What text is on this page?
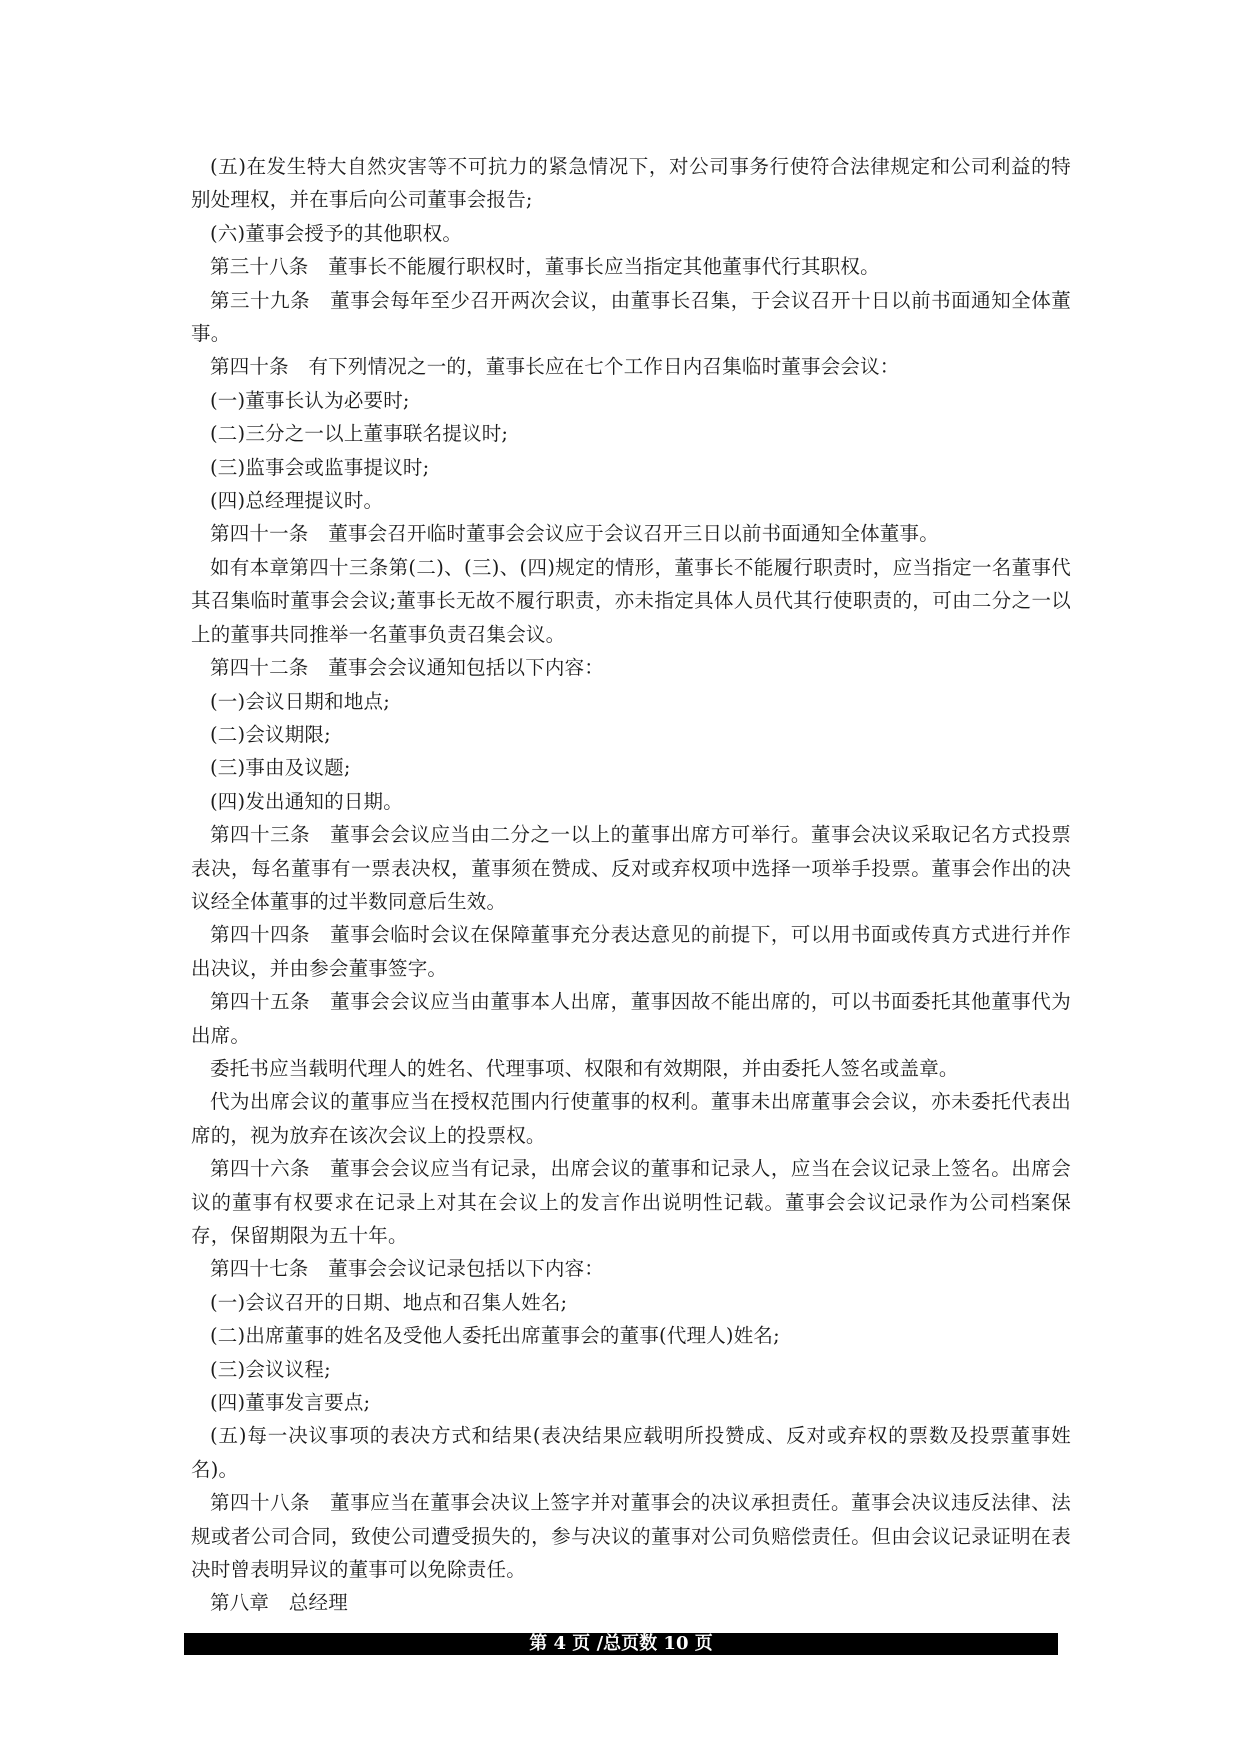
(五)在发生特大自然灾害等不可抗力的紧急情况下，对公司事务行使符合法律规定和公司利益的特别处理权，并在事后向公司董事会报告;

(六)董事会授予的其他职权。

第三十八条　董事长不能履行职权时，董事长应当指定其他董事代行其职权。

第三十九条　董事会每年至少召开两次会议，由董事长召集，于会议召开十日以前书面通知全体董事。

第四十条　有下列情况之一的，董事长应在七个工作日内召集临时董事会会议：

(一)董事长认为必要时;

(二)三分之一以上董事联名提议时;

(三)监事会或监事提议时;

(四)总经理提议时。

第四十一条　董事会召开临时董事会会议应于会议召开三日以前书面通知全体董事。

如有本章第四十三条第(二)、(三)、(四)规定的情形，董事长不能履行职责时，应当指定一名董事代其召集临时董事会会议;董事长无故不履行职责，亦未指定具体人员代其行使职责的，可由二分之一以上的董事共同推举一名董事负责召集会议。

第四十二条　董事会会议通知包括以下内容：

(一)会议日期和地点;

(二)会议期限;

(三)事由及议题;

(四)发出通知的日期。

第四十三条　董事会会议应当由二分之一以上的董事出席方可举行。董事会决议采取记名方式投票表决，每名董事有一票表决权，董事须在赞成、反对或弃权项中选择一项举手投票。董事会作出的决议经全体董事的过半数同意后生效。

第四十四条　董事会临时会议在保障董事充分表达意见的前提下，可以用书面或传真方式进行并作出决议，并由参会董事签字。

第四十五条　董事会会议应当由董事本人出席，董事因故不能出席的，可以书面委托其他董事代为出席。

委托书应当载明代理人的姓名、代理事项、权限和有效期限，并由委托人签名或盖章。

代为出席会议的董事应当在授权范围内行使董事的权利。董事未出席董事会会议，亦未委托代表出席的，视为放弃在该次会议上的投票权。

第四十六条　董事会会议应当有记录，出席会议的董事和记录人，应当在会议记录上签名。出席会议的董事有权要求在记录上对其在会议上的发言作出说明性记载。董事会会议记录作为公司档案保存，保留期限为五十年。

第四十七条　董事会会议记录包括以下内容：

(一)会议召开的日期、地点和召集人姓名;

(二)出席董事的姓名及受他人委托出席董事会的董事(代理人)姓名;

(三)会议议程;

(四)董事发言要点;

(五)每一决议事项的表决方式和结果(表决结果应载明所投赞成、反对或弃权的票数及投票董事姓名)。

第四十八条　董事应当在董事会决议上签字并对董事会的决议承担责任。董事会决议违反法律、法规或者公司合同，致使公司遭受损失的，参与决议的董事对公司负赔偿责任。但由会议记录证明在表决时曾表明异议的董事可以免除责任。

第八章　总经理

第 4 页 /总页数 10 页
